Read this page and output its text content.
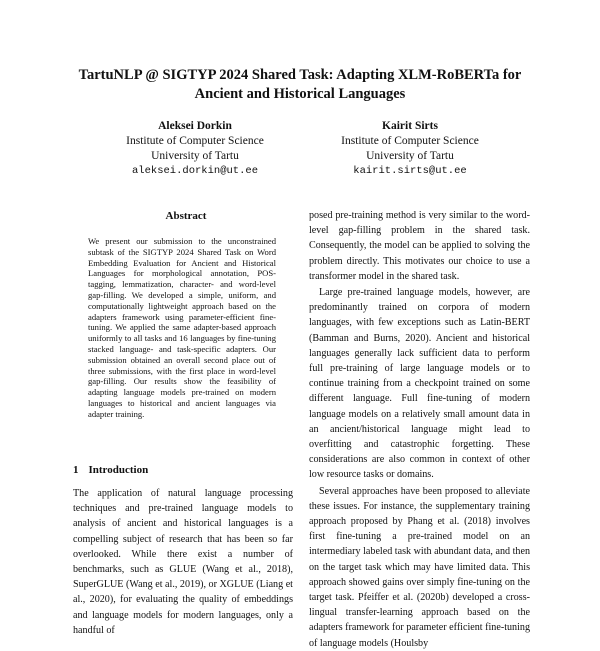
TartuNLP @ SIGTYP 2024 Shared Task: Adapting XLM-RoBERTa for
Ancient and Historical Languages
Aleksei Dorkin
Institute of Computer Science
University of Tartu
aleksei.dorkin@ut.ee
Kairit Sirts
Institute of Computer Science
University of Tartu
kairit.sirts@ut.ee
Abstract
We present our submission to the unconstrained subtask of the SIGTYP 2024 Shared Task on Word Embedding Evaluation for Ancient and Historical Languages for morphological annotation, POS-tagging, lemmatization, character- and word-level gap-filling. We developed a simple, uniform, and computationally lightweight approach based on the adapters framework using parameter-efficient fine-tuning. We applied the same adapter-based approach uniformly to all tasks and 16 languages by fine-tuning stacked language- and task-specific adapters. Our submission obtained an overall second place out of three submissions, with the first place in word-level gap-filling. Our results show the feasibility of adapting language models pre-trained on modern languages to historical and ancient languages via adapter training.
1 Introduction

The application of natural language processing techniques and pre-trained language models to analysis of ancient and historical languages is a compelling subject of research that has been so far overlooked. While there exist a number of benchmarks, such as GLUE (Wang et al., 2018), SuperGLUE (Wang et al., 2019), or XGLUE (Liang et al., 2020), for evaluating the quality of embeddings and language models for modern languages, only a handful of

posed pre-training method is very similar to the word-level gap-filling problem in the shared task. Consequently, the model can be applied to solving the problem directly. This motivates our choice to use a transformer model in the shared task.

Large pre-trained language models, however, are predominantly trained on corpora of modern languages, with few exceptions such as Latin-BERT (Bamman and Burns, 2020). Ancient and historical languages generally lack sufficient data to perform full pre-training of large language models or to continue training from a checkpoint trained on some different language. Full fine-tuning of modern language models on a relatively small amount data in an ancient/historical language might lead to overfitting and catastrophic forgetting. These considerations are also common in context of other low resource tasks or domains.

Several approaches have been proposed to alleviate these issues. For instance, the supplementary training approach proposed by Phang et al. (2018) involves first fine-tuning a pre-trained model on an intermediary labeled task with abundant data, and then on the target task which may have limited data. This approach showed gains over simply fine-tuning on the target task. Pfeiffer et al. (2020b) developed a cross-lingual transfer-learning approach based on the adapters framework for parameter efficient fine-tuning of language models (Houlsby
